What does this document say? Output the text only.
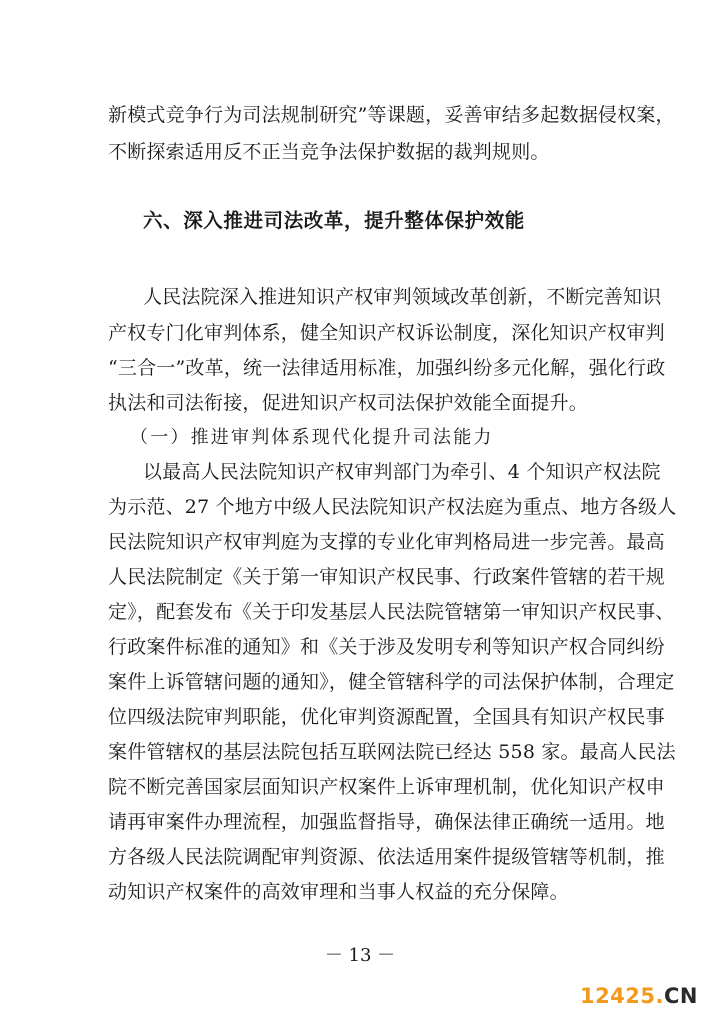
新模式竞争行为司法规制研究”等课题，妥善审结多起数据侵权案，
不断探索适用反不正当竞争法保护数据的裁判规则。
六、深入推进司法改革，提升整体保护效能
人民法院深入推进知识产权审判领域改革创新，不断完善知识
产权专门化审判体系，健全知识产权诉讼制度，深化知识产权审判
“三合一”改革，统一法律适用标准，加强纠纷多元化解，强化行政
执法和司法衔接，促进知识产权司法保护效能全面提升。
（一）推进审判体系现代化提升司法能力
以最高人民法院知识产权审判部门为牵引、4 个知识产权法院
为示范、27 个地方中级人民法院知识产权法庭为重点、地方各级人
民法院知识产权审判庭为支撑的专业化审判格局进一步完善。最高
人民法院制定《关于第一审知识产权民事、行政案件管辖的若干规
定》，配套发布《关于印发基层人民法院管辖第一审知识产权民事、
行政案件标准的通知》和《关于涉及发明专利等知识产权合同纠纷
案件上诉管辖问题的通知》，健全管辖科学的司法保护体制，合理定
位四级法院审判职能，优化审判资源配置，全国具有知识产权民事
案件管辖权的基层法院包括互联网法院已经达 558 家。最高人民法
院不断完善国家层面知识产权案件上诉审理机制，优化知识产权申
请再审案件办理流程，加强监督指导，确保法律正确统一适用。地
方各级人民法院调配审判资源、依法适用案件提级管辖等机制，推
动知识产权案件的高效审理和当事人权益的充分保障。
－ 13 －
12425.CN
